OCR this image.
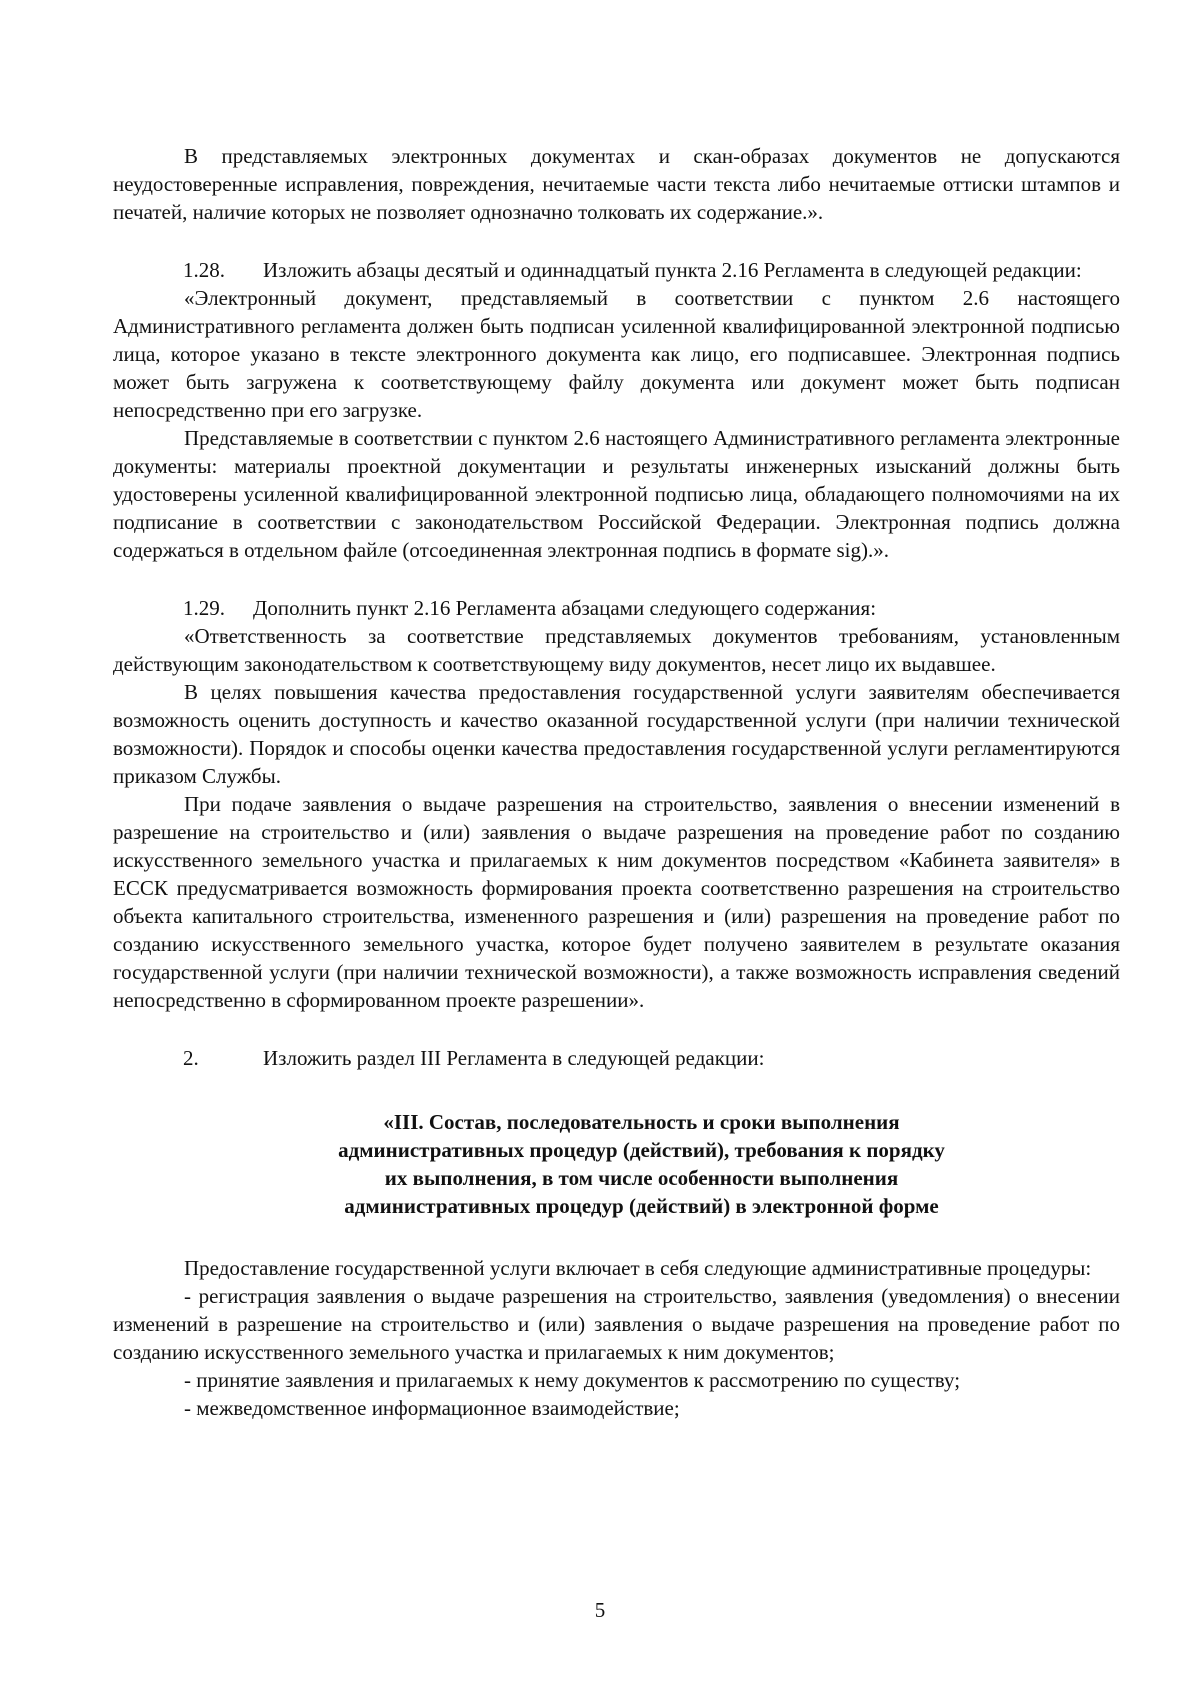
В представляемых электронных документах и скан-образах документов не допускаются неудостоверенные исправления, повреждения, нечитаемые части текста либо нечитаемые оттиски штампов и печатей, наличие которых не позволяет однозначно толковать их содержание.».

1.28. Изложить абзацы десятый и одиннадцатый пункта 2.16 Регламента в следующей редакции:

«Электронный документ, представляемый в соответствии с пунктом 2.6 настоящего Административного регламента должен быть подписан усиленной квалифицированной электронной подписью лица, которое указано в тексте электронного документа как лицо, его подписавшее. Электронная подпись может быть загружена к соответствующему файлу документа или документ может быть подписан непосредственно при его загрузке.

Представляемые в соответствии с пунктом 2.6 настоящего Административного регламента электронные документы: материалы проектной документации и результаты инженерных изысканий должны быть удостоверены усиленной квалифицированной электронной подписью лица, обладающего полномочиями на их подписание в соответствии с законодательством Российской Федерации. Электронная подпись должна содержаться в отдельном файле (отсоединенная электронная подпись в формате sig).».

1.29. Дополнить пункт 2.16 Регламента абзацами следующего содержания:

«Ответственность за соответствие представляемых документов требованиям, установленным действующим законодательством к соответствующему виду документов, несет лицо их выдавшее.

В целях повышения качества предоставления государственной услуги заявителям обеспечивается возможность оценить доступность и качество оказанной государственной услуги (при наличии технической возможности). Порядок и способы оценки качества предоставления государственной услуги регламентируются приказом Службы.

При подаче заявления о выдаче разрешения на строительство, заявления о внесении изменений в разрешение на строительство и (или) заявления о выдаче разрешения на проведение работ по созданию искусственного земельного участка и прилагаемых к ним документов посредством «Кабинета заявителя» в ЕССК предусматривается возможность формирования проекта соответственно разрешения на строительство объекта капитального строительства, измененного разрешения и (или) разрешения на проведение работ по созданию искусственного земельного участка, которое будет получено заявителем в результате оказания государственной услуги (при наличии технической возможности), а также возможность исправления сведений непосредственно в сформированном проекте разрешении».

2.	Изложить раздел III Регламента в следующей редакции:

«III. Состав, последовательность и сроки выполнения
административных процедур (действий), требования к порядку
их выполнения, в том числе особенности выполнения
административных процедур (действий) в электронной форме

Предоставление государственной услуги включает в себя следующие административные процедуры:

- регистрация заявления о выдаче разрешения на строительство, заявления (уведомления) о внесении изменений в разрешение на строительство и (или) заявления о выдаче разрешения на проведение работ по созданию искусственного земельного участка и прилагаемых к ним документов;

- принятие заявления и прилагаемых к нему документов к рассмотрению по существу;

- межведомственное информационное взаимодействие;

5
